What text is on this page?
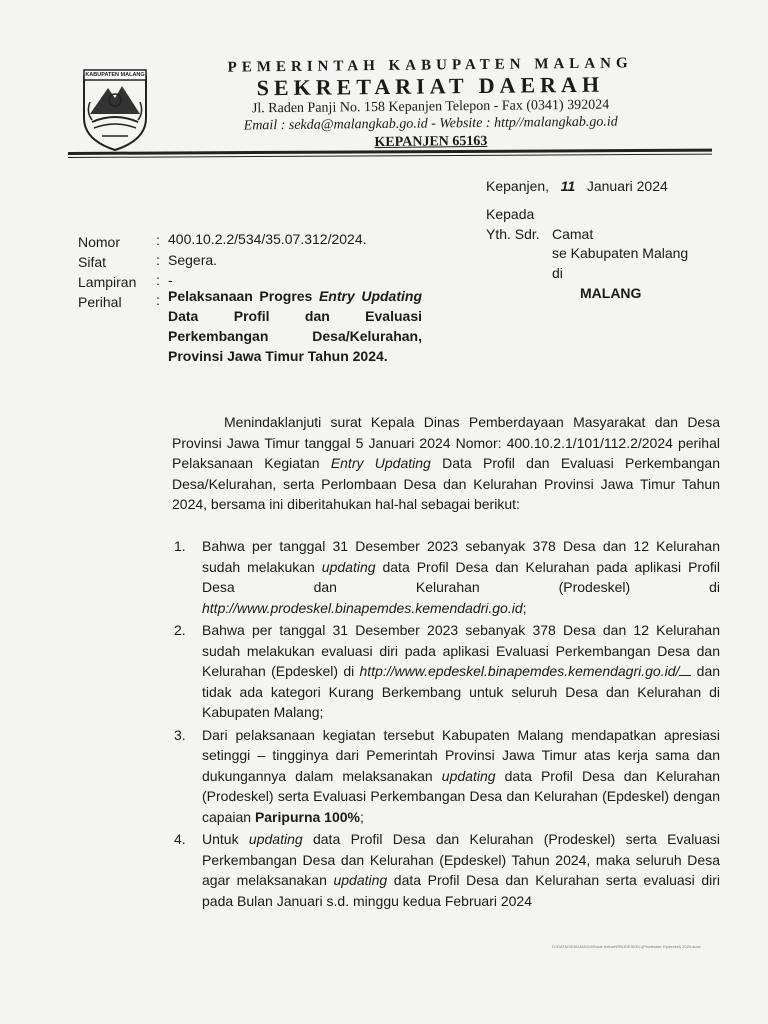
KABUPATEN MALANG	PEMERINTAH KABUPATEN MALANG
SEKRETARIAT DAERAH
Jl. Raden Panji No. 158 Kepanjen Telepon - Fax (0341) 392024
Email : sekda@malangkab.go.id - Website : http//malangkab.go.id
KEPANJEN 65163
Kepanjen, 11 Januari 2024
Kepada
Yth. Sdr. Camat
se Kabupaten Malang
di
MALANG
Nomor	: 400.10.2.2/534/35.07.312/2024.
Sifat	: Segera.
Lampiran : -
Perihal : Pelaksanaan Progres Entry Updating Data Profil dan Evaluasi Perkembangan Desa/Kelurahan, Provinsi Jawa Timur Tahun 2024.
Menindaklanjuti surat Kepala Dinas Pemberdayaan Masyarakat dan Desa Provinsi Jawa Timur tanggal 5 Januari 2024 Nomor: 400.10.2.1/101/112.2/2024 perihal Pelaksanaan Kegiatan Entry Updating Data Profil dan Evaluasi Perkembangan Desa/Kelurahan, serta Perlombaan Desa dan Kelurahan Provinsi Jawa Timur Tahun 2024, bersama ini diberitahukan hal-hal sebagai berikut:
1. Bahwa per tanggal 31 Desember 2023 sebanyak 378 Desa dan 12 Kelurahan sudah melakukan updating data Profil Desa dan Kelurahan pada aplikasi Profil Desa dan Kelurahan (Prodeskel) di http://www.prodeskel.binapemdes.kemendadri.go.id;
2. Bahwa per tanggal 31 Desember 2023 sebanyak 378 Desa dan 12 Kelurahan sudah melakukan evaluasi diri pada aplikasi Evaluasi Perkembangan Desa dan Kelurahan (Epdeskel) di http://www.epdeskel.binapemdes.kemendagri.go.id/ dan tidak ada kategori Kurang Berkembang untuk seluruh Desa dan Kelurahan di Kabupaten Malang;
3. Dari pelaksanaan kegiatan tersebut Kabupaten Malang mendapatkan apresiasi setinggi – tingginya dari Pemerintah Provinsi Jawa Timur atas kerja sama dan dukungannya dalam melaksanakan updating data Profil Desa dan Kelurahan (Prodeskel) serta Evaluasi Perkembangan Desa dan Kelurahan (Epdeskel) dengan capaian Paripurna 100%;
4. Untuk updating data Profil Desa dan Kelurahan (Prodeskel) serta Evaluasi Perkembangan Desa dan Kelurahan (Epdeskel) Tahun 2024, maka seluruh Desa agar melaksanakan updating data Profil Desa dan Kelurahan serta evaluasi diri pada Bulan Januari s.d. minggu kedua Februari 2024
D:\DATA\SEKDA\2024\Surat Keluar\PRODESKEL\(Prodeskel, Epdeskel) 2024.docx
